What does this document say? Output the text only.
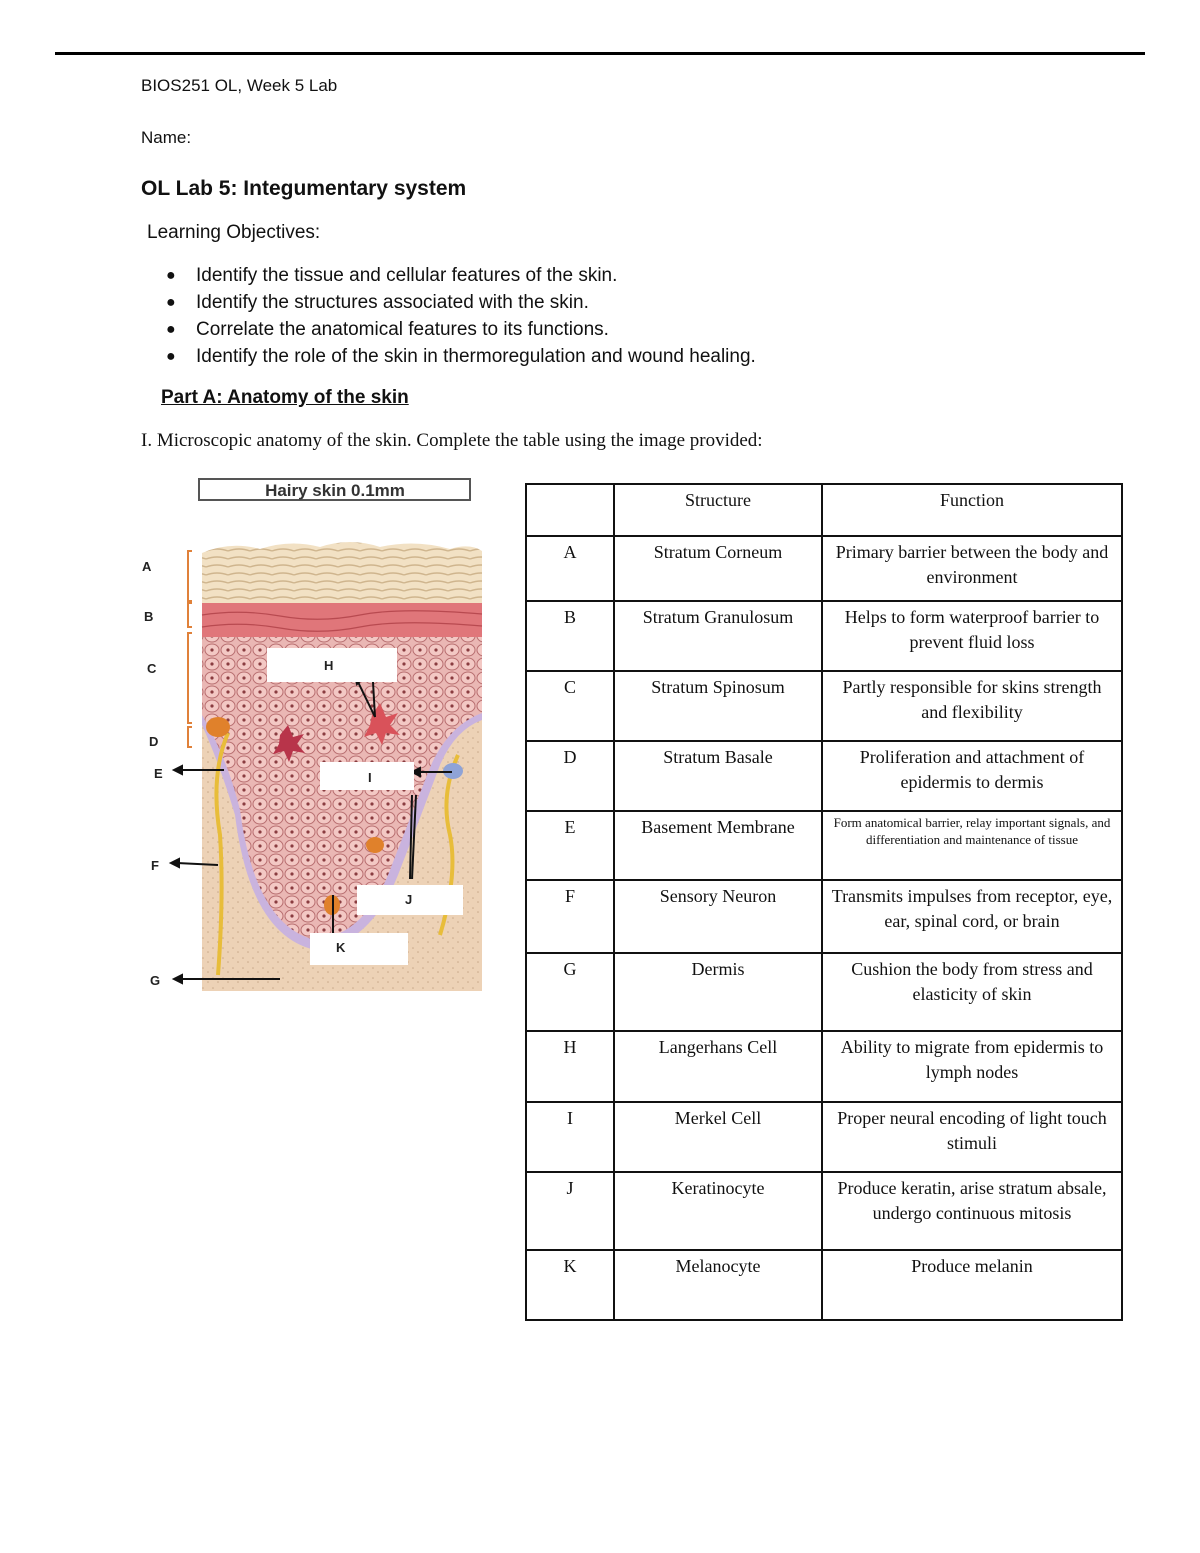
BIOS251 OL, Week 5 Lab
Name:
OL Lab 5: Integumentary system
Learning Objectives:
● Identify the tissue and cellular features of the skin.
● Identify the structures associated with the skin.
● Correlate the anatomical features to its functions.
● Identify the role of the skin in thermoregulation and wound healing.
Part A: Anatomy of the skin
I. Microscopic anatomy of the skin. Complete the table using the image provided:
Hairy skin 0.1mm
A
B
C
D
E
F
G
H
I
J
K
	Structure	Function
A	Stratum Corneum	Primary barrier between the body and environment
B	Stratum Granulosum	Helps to form waterproof barrier to prevent fluid loss
C	Stratum Spinosum	Partly responsible for skins strength and flexibility
D	Stratum Basale	Proliferation and attachment of epidermis to dermis
E	Basement Membrane	Form anatomical barrier, relay important signals, and differentiation and maintenance of tissue
F	Sensory Neuron	Transmits impulses from receptor, eye, ear, spinal cord, or brain
G	Dermis	Cushion the body from stress and elasticity of skin
H	Langerhans Cell	Ability to migrate from epidermis to lymph nodes
I	Merkel Cell	Proper neural encoding of light touch stimuli
J	Keratinocyte	Produce keratin, arise stratum absale, undergo continuous mitosis
K	Melanocyte	Produce melanin
